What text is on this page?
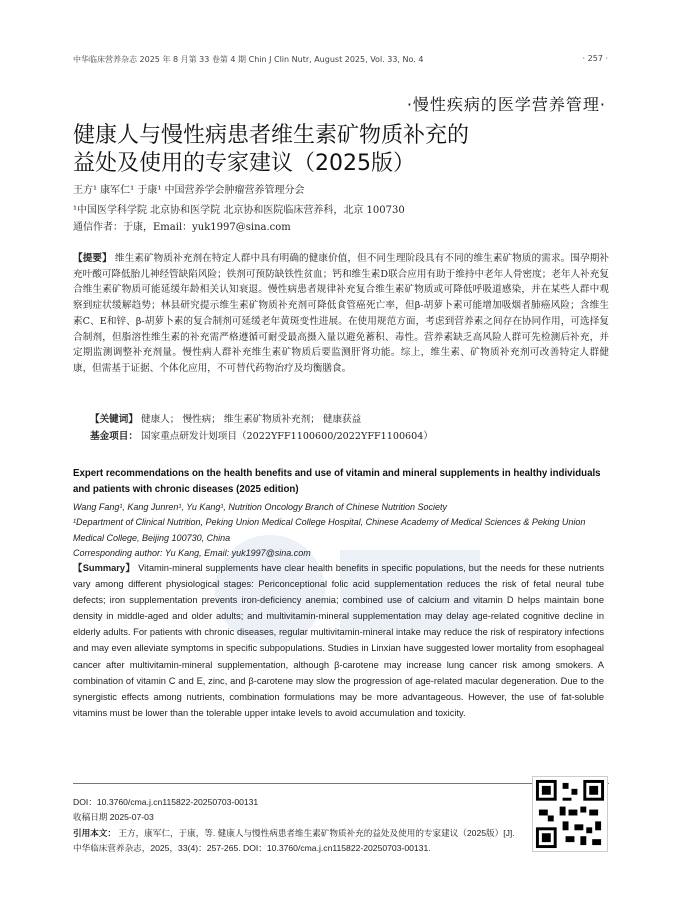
中华临床营养杂志 2025 年 8 月第 33 卷第 4 期 Chin J Clin Nutr, August 2025, Vol. 33, No. 4	· 257 ·
·慢性疾病的医学营养管理·
健康人与慢性病患者维生素矿物质补充的
益处及使用的专家建议（2025版）
王方¹ 康军仁¹ 于康¹ 中国营养学会肿瘤营养管理分会
¹中国医学科学院 北京协和医学院 北京协和医院临床营养科，北京 100730
通信作者：于康，Email：yuk1997@sina.com
【提要】 维生素矿物质补充剂在特定人群中具有明确的健康价值，但不同生理阶段具有不同的维生素矿物质的需求。围孕期补充叶酸可降低胎儿神经管缺陷风险；铁剂可预防缺铁性贫血；钙和维生素D联合应用有助于维持中老年人骨密度；老年人补充复合维生素矿物质可能延缓年龄相关认知衰退。慢性病患者规律补充复合维生素矿物质或可降低呼吸道感染，并在某些人群中观察到症状缓解趋势；林县研究提示维生素矿物质补充剂可降低食管癌死亡率，但β-胡萝卜素可能增加吸烟者肺癌风险；含维生素C、E和锌、β-胡萝卜素的复合制剂可延缓老年黄斑变性进展。在使用规范方面，考虑到营养素之间存在协同作用，可选择复合制剂，但脂溶性维生素的补充需严格遵循可耐受最高摄入量以避免蓄积、毒性。营养素缺乏高风险人群可先检测后补充，并定期监测调整补充剂量。慢性病人群补充维生素矿物质后要监测肝肾功能。综上，维生素、矿物质补充剂可改善特定人群健康，但需基于证据、个体化应用，不可替代药物治疗及均衡膳食。
【关键词】 健康人； 慢性病； 维生素矿物质补充剂； 健康获益
基金项目： 国家重点研发计划项目（2022YFF1100600/2022YFF1100604）
Expert recommendations on the health benefits and use of vitamin and mineral supplements in healthy individuals and patients with chronic diseases (2025 edition)
Wang Fang¹, Kang Junren¹, Yu Kang¹, Nutrition Oncology Branch of Chinese Nutrition Society
¹Department of Clinical Nutrition, Peking Union Medical College Hospital, Chinese Academy of Medical Sciences & Peking Union Medical College, Beijing 100730, China
Corresponding author: Yu Kang, Email: yuk1997@sina.com
【Summary】 Vitamin-mineral supplements have clear health benefits in specific populations, but the needs for these nutrients vary among different physiological stages: Periconceptional folic acid supplementation reduces the risk of fetal neural tube defects; iron supplementation prevents iron-deficiency anemia; combined use of calcium and vitamin D helps maintain bone density in middle-aged and older adults; and multivitamin-mineral supplementation may delay age-related cognitive decline in elderly adults. For patients with chronic diseases, regular multivitamin-mineral intake may reduce the risk of respiratory infections and may even alleviate symptoms in specific subpopulations. Studies in Linxian have suggested lower mortality from esophageal cancer after multivitamin-mineral supplementation, although β-carotene may increase lung cancer risk among smokers. A combination of vitamin C and E, zinc, and β-carotene may slow the progression of age-related macular degeneration. Due to the synergistic effects among nutrients, combination formulations may be more advantageous. However, the use of fat-soluble vitamins must be lower than the tolerable upper intake levels to avoid accumulation and toxicity.
DOI：10.3760/cma.j.cn115822-20250703-00131
收稿日期 2025-07-03
引用本文： 王方，康军仁，于康，等. 健康人与慢性病患者维生素矿物质补充的益处及使用的专家建议（2025版）[J]. 中华临床营养杂志，2025，33(4)：257-265. DOI：10.3760/cma.j.cn115822-20250703-00131.
